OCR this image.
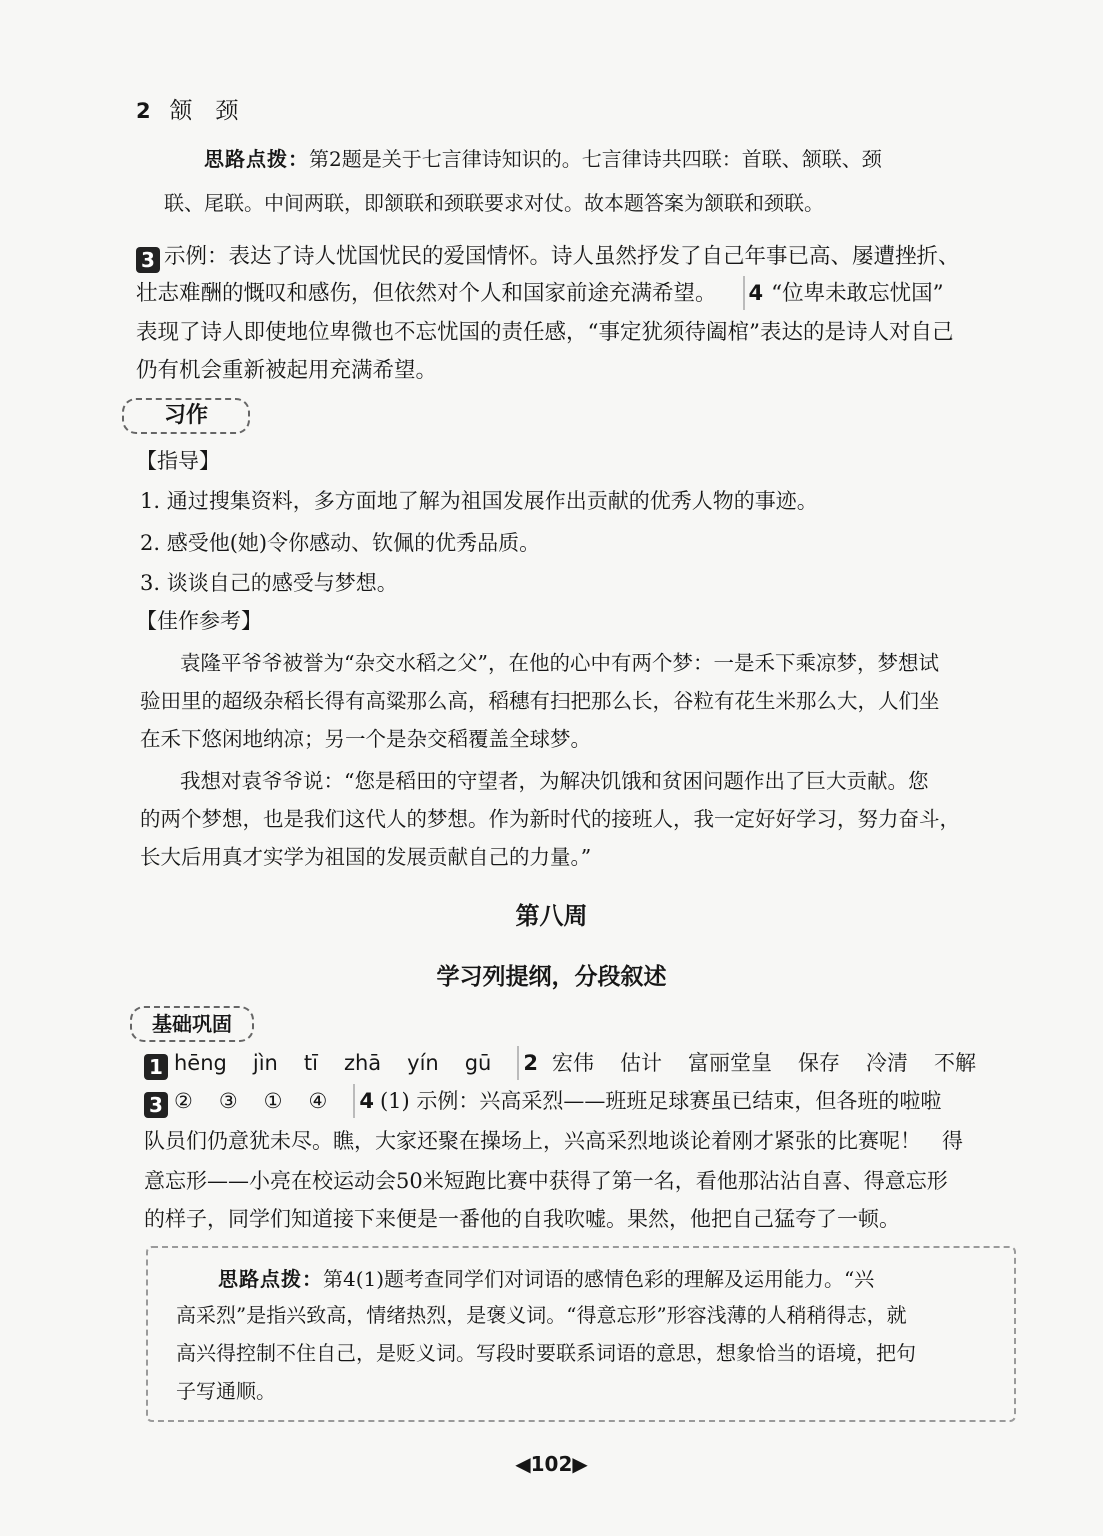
2 颔　颈
思路点拨：第2题是关于七言律诗知识的。七言律诗共四联：首联、颔联、颈
联、尾联。中间两联，即颔联和颈联要求对仗。故本题答案为颔联和颈联。
3 示例：表达了诗人忧国忧民的爱国情怀。诗人虽然抒发了自己年事已高、屡遭挫折、
壮志难酬的慨叹和感伤，但依然对个人和国家前途充满希望。 4 “位卑未敢忘忧国”
表现了诗人即使地位卑微也不忘忧国的责任感，“事定犹须待阖棺”表达的是诗人对自己
仍有机会重新被起用充满希望。
习作
【指导】
1. 通过搜集资料，多方面地了解为祖国发展作出贡献的优秀人物的事迹。
2. 感受他(她)令你感动、钦佩的优秀品质。
3. 谈谈自己的感受与梦想。
【佳作参考】
袁隆平爷爷被誉为“杂交水稻之父”，在他的心中有两个梦：一是禾下乘凉梦，梦想试
验田里的超级杂稻长得有高粱那么高，稻穗有扫把那么长，谷粒有花生米那么大，人们坐
在禾下悠闲地纳凉；另一个是杂交稻覆盖全球梦。
我想对袁爷爷说：“您是稻田的守望者，为解决饥饿和贫困问题作出了巨大贡献。您
的两个梦想，也是我们这代人的梦想。作为新时代的接班人，我一定好好学习，努力奋斗，
长大后用真才实学为祖国的发展贡献自己的力量。”
第八周
学习列提纲，分段叙述
基础巩固
1 hēng jìn tī zhā yín gū 2 宏伟 估计 富丽堂皇 保存 冷清 不解
3 ② ③ ① ④ 4 (1) 示例：兴高采烈——班班足球赛虽已结束，但各班的啦啦
队员们仍意犹未尽。瞧，大家还聚在操场上，兴高采烈地谈论着刚才紧张的比赛呢！　得
意忘形——小亮在校运动会50米短跑比赛中获得了第一名，看他那沾沾自喜、得意忘形
的样子，同学们知道接下来便是一番他的自我吹嘘。果然，他把自己猛夸了一顿。
思路点拨：第4(1)题考查同学们对词语的感情色彩的理解及运用能力。“兴
高采烈”是指兴致高，情绪热烈，是褒义词。“得意忘形”形容浅薄的人稍稍得志，就
高兴得控制不住自己，是贬义词。写段时要联系词语的意思，想象恰当的语境，把句
子写通顺。
◀102▶
